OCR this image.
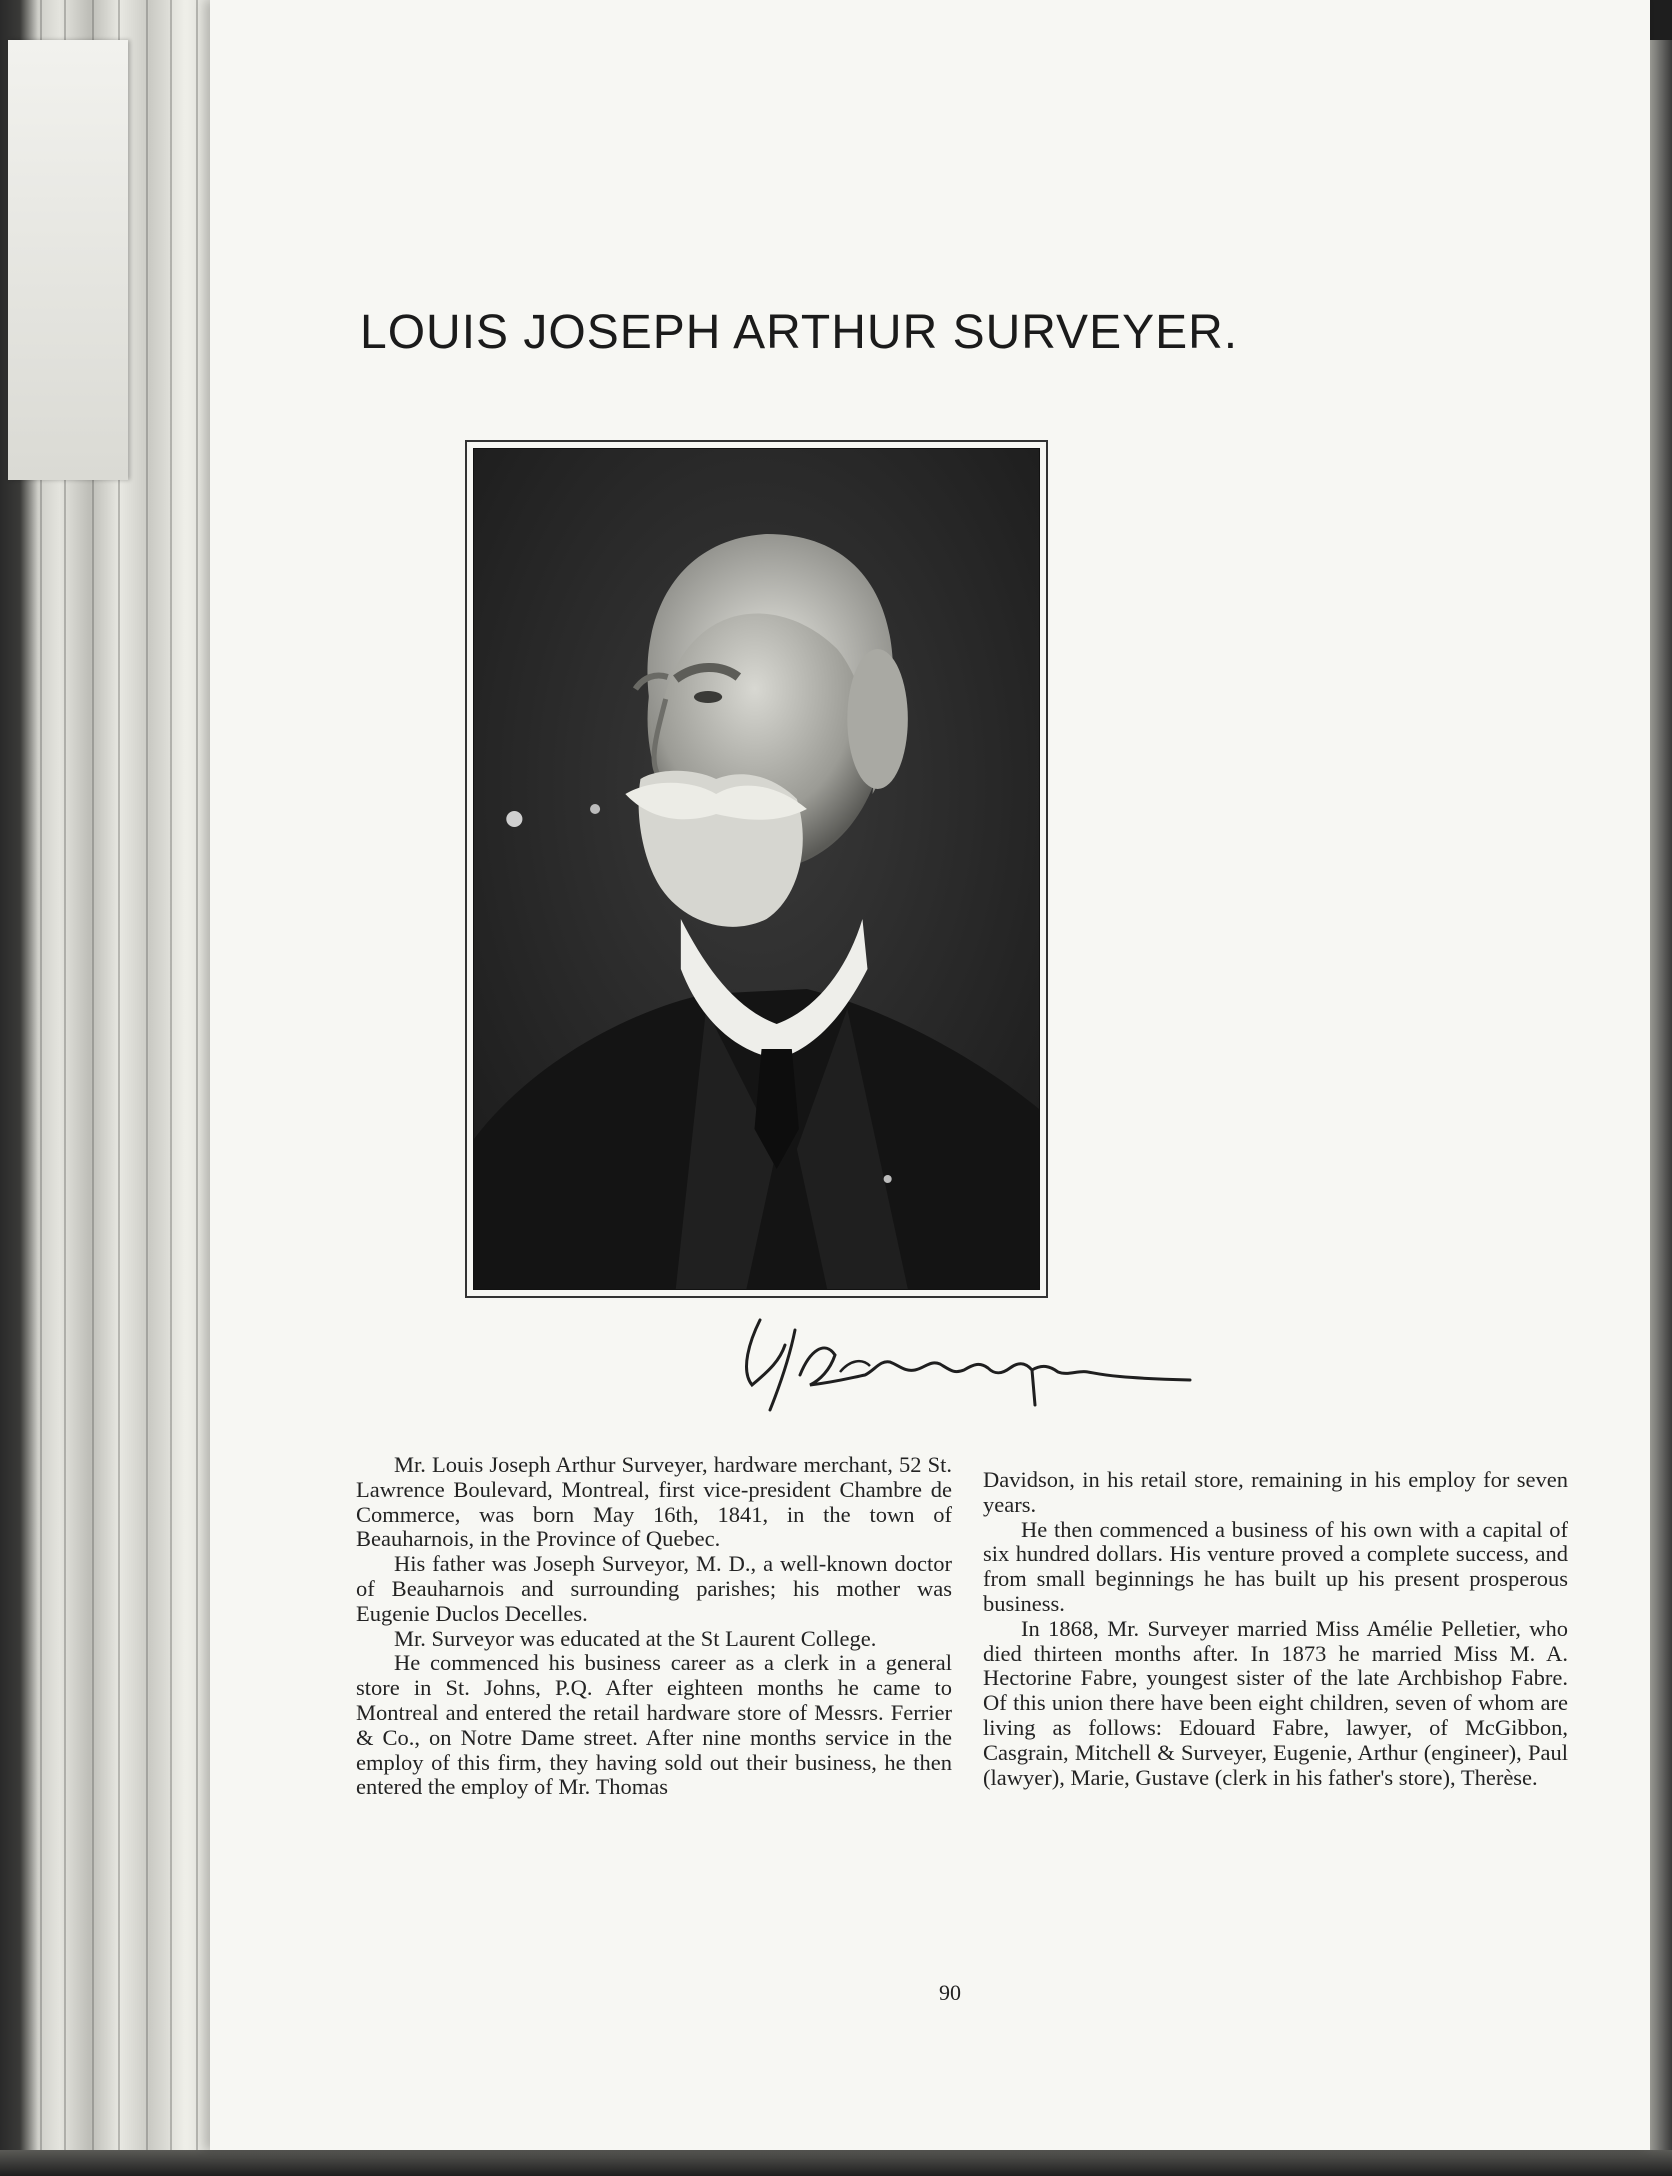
LOUIS JOSEPH ARTHUR SURVEYER.

Mr. Louis Joseph Arthur Surveyer, hardware merchant, 52 St. Lawrence Boulevard, Montreal, first vice-president Chambre de Commerce, was born May 16th, 1841, in the town of Beauharnois, in the Province of Quebec.

His father was Joseph Surveyor, M. D., a well-known doctor of Beauharnois and surrounding parishes; his mother was Eugenie Duclos Decelles.

Mr. Surveyor was educated at the St Laurent College.

He commenced his business career as a clerk in a general store in St. Johns, P.Q. After eighteen months he came to Montreal and entered the retail hardware store of Messrs. Ferrier & Co., on Notre Dame street. After nine months service in the employ of this firm, they having sold out their business, he then entered the employ of Mr. Thomas

Davidson, in his retail store, remaining in his employ for seven years.

He then commenced a business of his own with a capital of six hundred dollars. His venture proved a complete success, and from small beginnings he has built up his present prosperous business.

In 1868, Mr. Surveyer married Miss Amélie Pelletier, who died thirteen months after. In 1873 he married Miss M. A. Hectorine Fabre, youngest sister of the late Archbishop Fabre. Of this union there have been eight children, seven of whom are living as follows: Edouard Fabre, lawyer, of McGibbon, Casgrain, Mitchell & Surveyer, Eugenie, Arthur (engineer), Paul (lawyer), Marie, Gustave (clerk in his father's store), Therèse.

90
